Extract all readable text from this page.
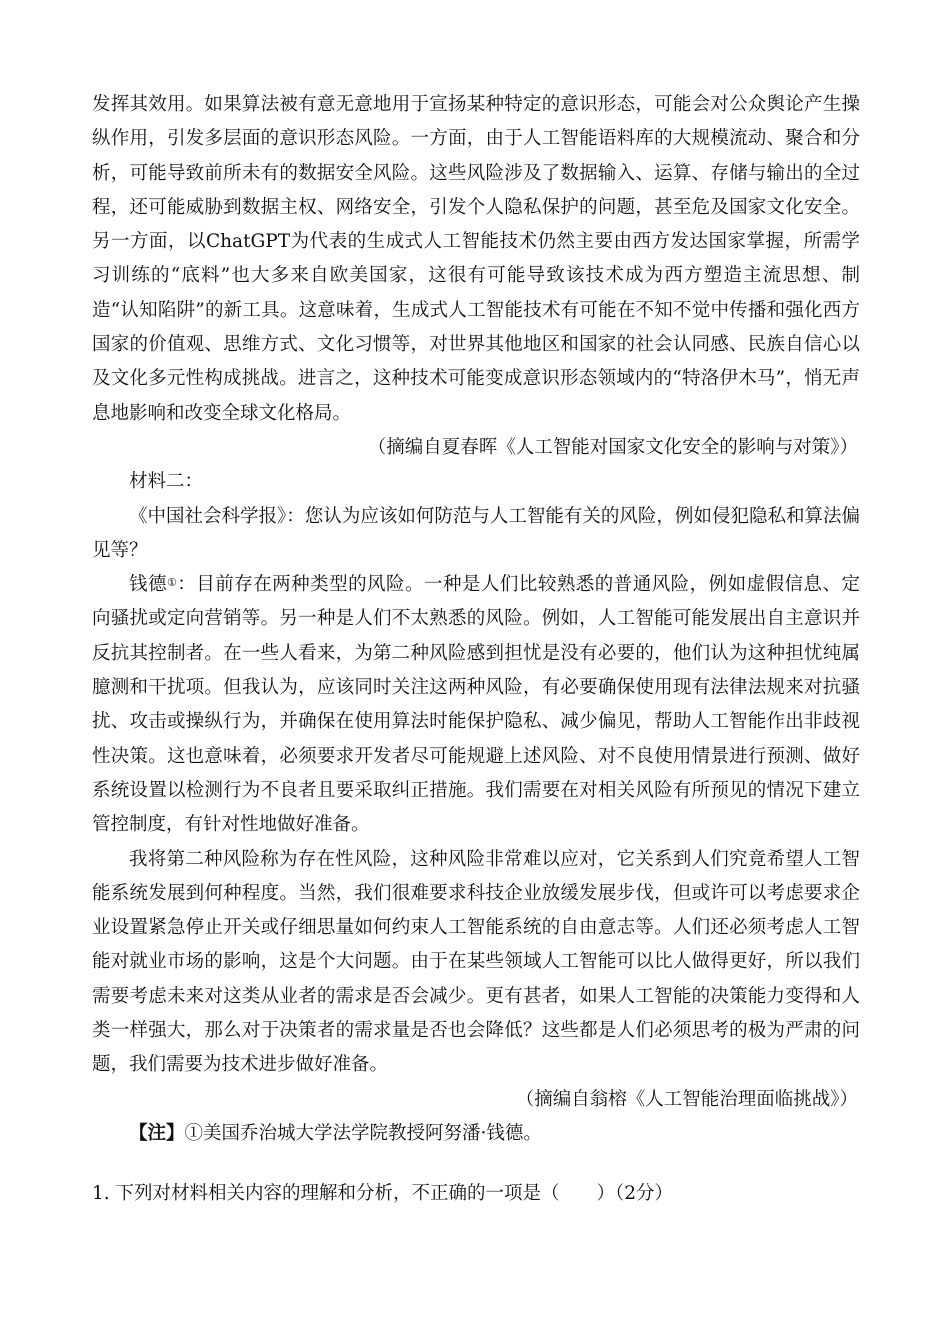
发挥其效用。如果算法被有意无意地用于宣扬某种特定的意识形态，可能会对公众舆论产生操纵作用，引发多层面的意识形态风险。一方面，由于人工智能语料库的大规模流动、聚合和分析，可能导致前所未有的数据安全风险。这些风险涉及了数据输入、运算、存储与输出的全过程，还可能威胁到数据主权、网络安全，引发个人隐私保护的问题，甚至危及国家文化安全。另一方面，以ChatGPT为代表的生成式人工智能技术仍然主要由西方发达国家掌握，所需学习训练的“底料”也大多来自欧美国家，这很有可能导致该技术成为西方塑造主流思想、制造“认知陷阱”的新工具。这意味着，生成式人工智能技术有可能在不知不觉中传播和强化西方国家的价值观、思维方式、文化习惯等，对世界其他地区和国家的社会认同感、民族自信心以及文化多元性构成挑战。进言之，这种技术可能变成意识形态领域内的“特洛伊木马”，悄无声息地影响和改变全球文化格局。

（摘编自夏春晖《人工智能对国家文化安全的影响与对策》）

材料二：

《中国社会科学报》：您认为应该如何防范与人工智能有关的风险，例如侵犯隐私和算法偏见等？

钱德①：目前存在两种类型的风险。一种是人们比较熟悉的普通风险，例如虚假信息、定向骚扰或定向营销等。另一种是人们不太熟悉的风险。例如，人工智能可能发展出自主意识并反抗其控制者。在一些人看来，为第二种风险感到担忧是没有必要的，他们认为这种担忧纯属臆测和干扰项。但我认为，应该同时关注这两种风险，有必要确保使用现有法律法规来对抗骚扰、攻击或操纵行为，并确保在使用算法时能保护隐私、减少偏见，帮助人工智能作出非歧视性决策。这也意味着，必须要求开发者尽可能规避上述风险、对不良使用情景进行预测、做好系统设置以检测行为不良者且要采取纠正措施。我们需要在对相关风险有所预见的情况下建立管控制度，有针对性地做好准备。

我将第二种风险称为存在性风险，这种风险非常难以应对，它关系到人们究竟希望人工智能系统发展到何种程度。当然，我们很难要求科技企业放缓发展步伐，但或许可以考虑要求企业设置紧急停止开关或仔细思量如何约束人工智能系统的自由意志等。人们还必须考虑人工智能对就业市场的影响，这是个大问题。由于在某些领域人工智能可以比人做得更好，所以我们需要考虑未来对这类从业者的需求是否会减少。更有甚者，如果人工智能的决策能力变得和人类一样强大，那么对于决策者的需求量是否也会降低？这些都是人们必须思考的极为严肃的问题，我们需要为技术进步做好准备。

（摘编自翁榕《人工智能治理面临挑战》）

【注】①美国乔治城大学法学院教授阿努潘·钱德。

1. 下列对材料相关内容的理解和分析，不正确的一项是（　　）（2分）
